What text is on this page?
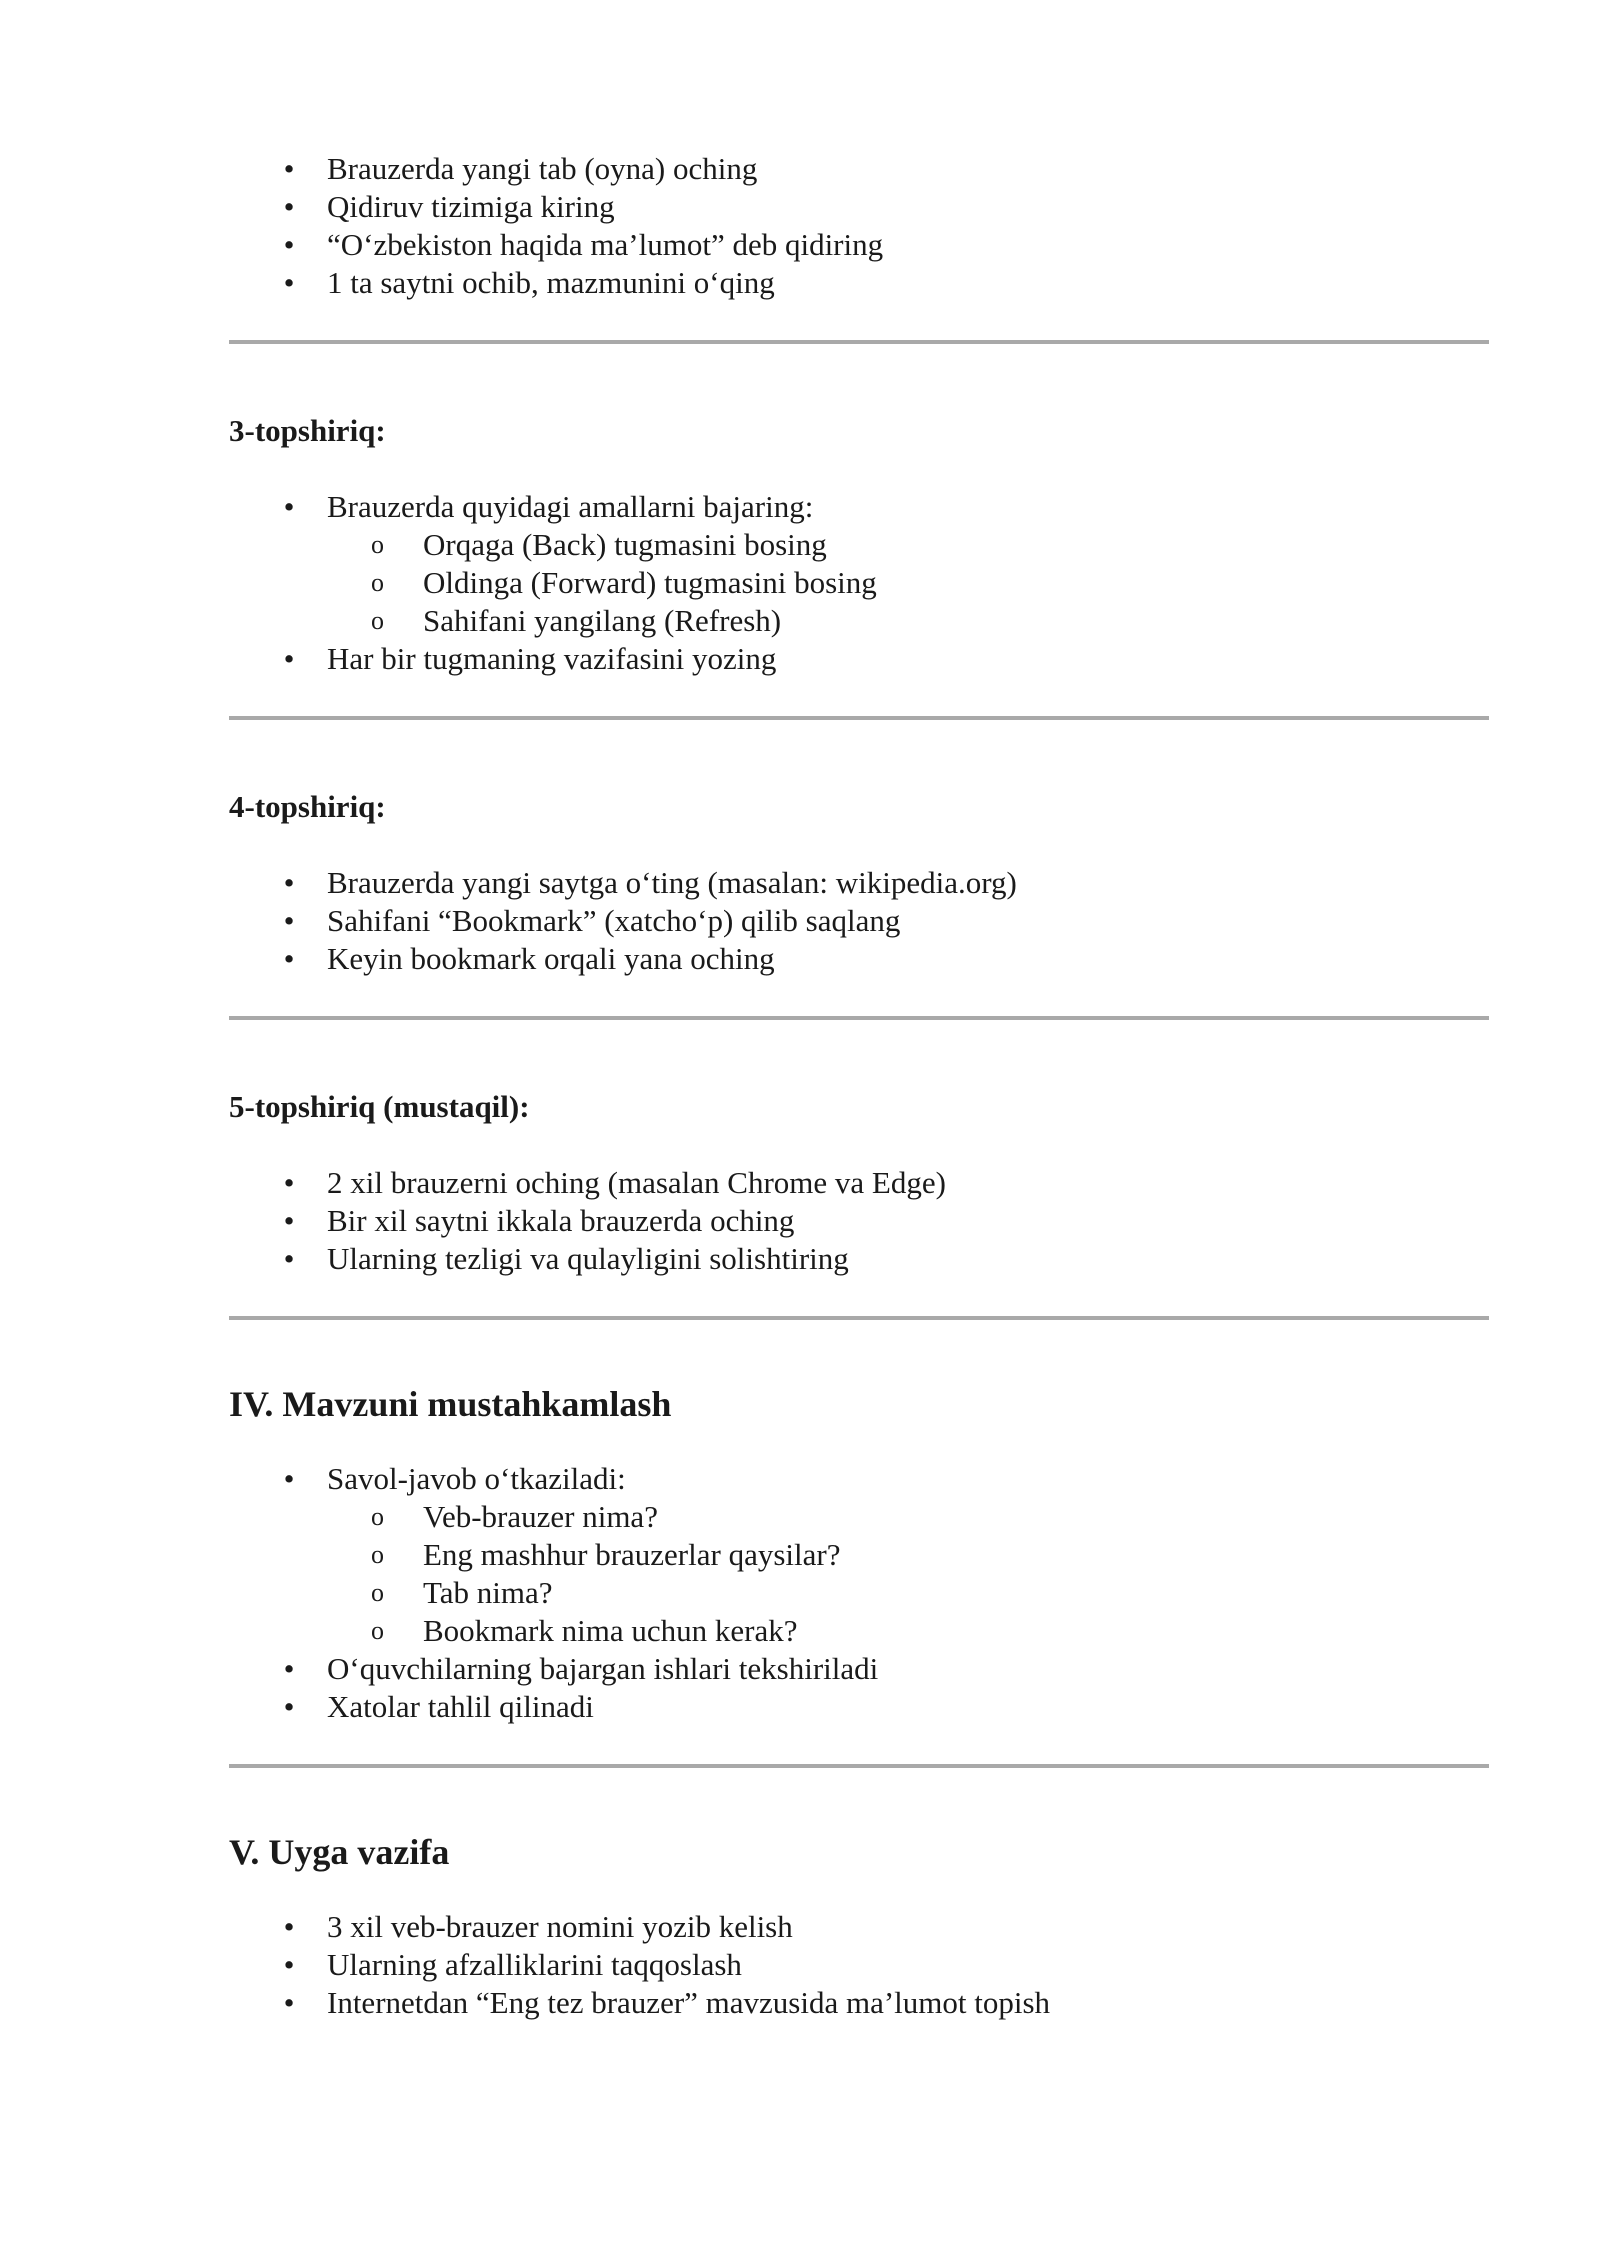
• Brauzerda yangi tab (oyna) oching
• Qidiruv tizimiga kiring
• “O‘zbekiston haqida ma’lumot” deb qidiring
• 1 ta saytni ochib, mazmunini o‘qing

3-topshiriq:

• Brauzerda quyidagi amallarni bajaring:
o Orqaga (Back) tugmasini bosing
o Oldinga (Forward) tugmasini bosing
o Sahifani yangilang (Refresh)
• Har bir tugmaning vazifasini yozing

4-topshiriq:

• Brauzerda yangi saytga o‘ting (masalan: wikipedia.org)
• Sahifani “Bookmark” (xatcho‘p) qilib saqlang
• Keyin bookmark orqali yana oching

5-topshiriq (mustaqil):

• 2 xil brauzerni oching (masalan Chrome va Edge)
• Bir xil saytni ikkala brauzerda oching
• Ularning tezligi va qulayligini solishtiring
IV. Mavzuni mustahkamlash
• Savol-javob o‘tkaziladi:
o Veb-brauzer nima?
o Eng mashhur brauzerlar qaysilar?
o Tab nima?
o Bookmark nima uchun kerak?
• O‘quvchilarning bajargan ishlari tekshiriladi
• Xatolar tahlil qilinadi
V. Uyga vazifa
• 3 xil veb-brauzer nomini yozib kelish
• Ularning afzalliklarini taqqoslash
• Internetdan “Eng tez brauzer” mavzusida ma’lumot topish
